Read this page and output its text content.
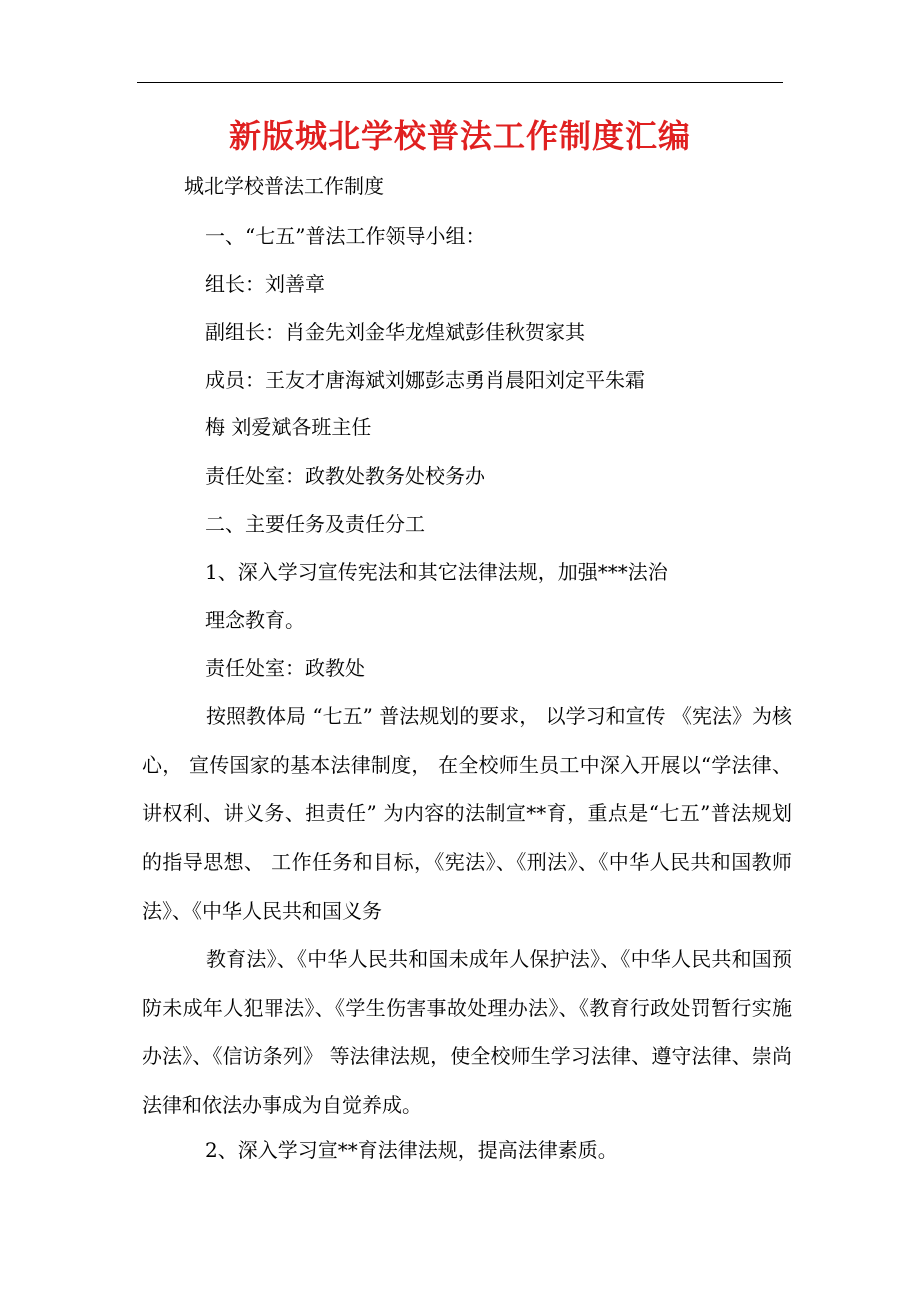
新版城北学校普法工作制度汇编
城北学校普法工作制度
一、“七五”普法工作领导小组：
组长：刘善章
副组长：肖金先刘金华龙煌斌彭佳秋贺家其
成员：王友才唐海斌刘娜彭志勇肖晨阳刘定平朱霜
梅 刘爱斌各班主任
责任处室：政教处教务处校务办
二、主要任务及责任分工
1、深入学习宣传宪法和其它法律法规，加强***法治
理念教育。
责任处室：政教处
按照教体局 “七五” 普法规划的要求， 以学习和宣传 《宪法》为核心， 宣传国家的基本法律制度， 在全校师生员工中深入开展以“学法律、 讲权利、讲义务、担责任” 为内容的法制宣**育，重点是“七五”普法规划的指导思想、 工作任务和目标，《宪法》、《刑法》、《中华人民共和国教师法》、《中华人民共和国义务
教育法》、《中华人民共和国未成年人保护法》、《中华人民共和国预防未成年人犯罪法》、《学生伤害事故处理办法》、《教育行政处罚暂行实施办法》、《信访条列》 等法律法规，使全校师生学习法律、遵守法律、崇尚法律和依法办事成为自觉养成。
2、深入学习宣**育法律法规，提高法律素质。
